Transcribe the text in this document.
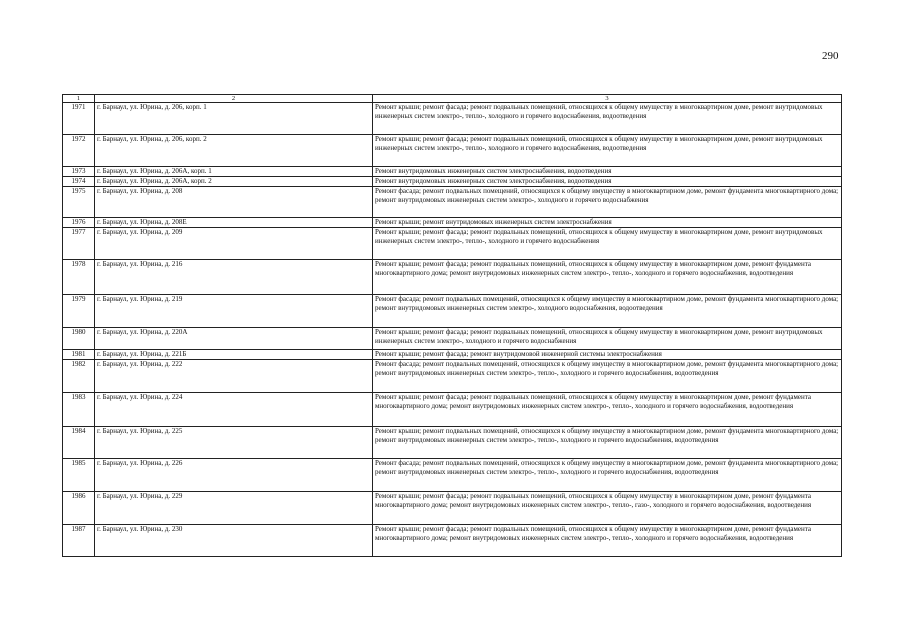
290
1	2	3
1971	г. Барнаул, ул. Юрина, д. 206, корп. 1	Ремонт крыши; ремонт фасада; ремонт подвальных помещений, относящихся к общему имуществу в многоквартирном доме, ремонт внутридомовых инженерных систем электро-, тепло-, холодного и горячего водоснабжения, водоотведения
1972	г. Барнаул, ул. Юрина, д. 206, корп. 2	Ремонт крыши; ремонт фасада; ремонт подвальных помещений, относящихся к общему имуществу в многоквартирном доме, ремонт внутридомовых инженерных систем электро-, тепло-, холодного и горячего водоснабжения, водоотведения
1973	г. Барнаул, ул. Юрина, д. 206А, корп. 1	Ремонт внутридомовых инженерных систем электроснабжения, водоотведения
1974	г. Барнаул, ул. Юрина, д. 206А, корп. 2	Ремонт внутридомовых инженерных систем электроснабжения, водоотведения
1975	г. Барнаул, ул. Юрина, д. 208	Ремонт фасада; ремонт подвальных помещений, относящихся к общему имуществу в многоквартирном доме, ремонт фундамента многоквартирного дома; ремонт внутридомовых инженерных систем электро-, холодного и горячего водоснабжения
1976	г. Барнаул, ул. Юрина, д. 208Е	Ремонт крыши; ремонт внутридомовых инженерных систем электроснабжения
1977	г. Барнаул, ул. Юрина, д. 209	Ремонт крыши; ремонт фасада; ремонт подвальных помещений, относящихся к общему имуществу в многоквартирном доме, ремонт внутридомовых инженерных систем электро-, тепло-, холодного и горячего водоснабжения
1978	г. Барнаул, ул. Юрина, д. 216	Ремонт крыши; ремонт фасада; ремонт подвальных помещений, относящихся к общему имуществу в многоквартирном доме, ремонт фундамента многоквартирного дома; ремонт внутридомовых инженерных систем электро-, тепло-, холодного и горячего водоснабжения, водоотведения
1979	г. Барнаул, ул. Юрина, д. 219	Ремонт фасада; ремонт подвальных помещений, относящихся к общему имуществу в многоквартирном доме, ремонт фундамента многоквартирного дома; ремонт внутридомовых инженерных систем электро-, холодного водоснабжения, водоотведения
1980	г. Барнаул, ул. Юрина, д. 220А	Ремонт крыши; ремонт фасада; ремонт подвальных помещений, относящихся к общему имуществу в многоквартирном доме, ремонт внутридомовых инженерных систем электро-, холодного и горячего водоснабжения
1981	г. Барнаул, ул. Юрина, д. 221Б	Ремонт крыши; ремонт фасада; ремонт внутридомовой инженерной системы электроснабжения
1982	г. Барнаул, ул. Юрина, д. 222	Ремонт фасада; ремонт подвальных помещений, относящихся к общему имуществу в многоквартирном доме, ремонт фундамента многоквартирного дома; ремонт внутридомовых инженерных систем электро-, тепло-, холодного и горячего водоснабжения, водоотведения
1983	г. Барнаул, ул. Юрина, д. 224	Ремонт крыши; ремонт фасада; ремонт подвальных помещений, относящихся к общему имуществу в многоквартирном доме, ремонт фундамента многоквартирного дома; ремонт внутридомовых инженерных систем электро-, тепло-, холодного и горячего водоснабжения, водоотведения
1984	г. Барнаул, ул. Юрина, д. 225	Ремонт крыши; ремонт подвальных помещений, относящихся к общему имуществу в многоквартирном доме, ремонт фундамента многоквартирного дома; ремонт внутридомовых инженерных систем электро-, тепло-, холодного и горячего водоснабжения, водоотведения
1985	г. Барнаул, ул. Юрина, д. 226	Ремонт фасада; ремонт подвальных помещений, относящихся к общему имуществу в многоквартирном доме, ремонт фундамента многоквартирного дома; ремонт внутридомовых инженерных систем электро-, тепло-, холодного и горячего водоснабжения, водоотведения
1986	г. Барнаул, ул. Юрина, д. 229	Ремонт крыши; ремонт фасада; ремонт подвальных помещений, относящихся к общему имуществу в многоквартирном доме, ремонт фундамента многоквартирного дома; ремонт внутридомовых инженерных систем электро-, тепло-, газо-, холодного и горячего водоснабжения, водоотведения
1987	г. Барнаул, ул. Юрина, д. 230	Ремонт крыши; ремонт фасада; ремонт подвальных помещений, относящихся к общему имуществу в многоквартирном доме, ремонт фундамента многоквартирного дома; ремонт внутридомовых инженерных систем электро-, тепло-, холодного и горячего водоснабжения, водоотведения
